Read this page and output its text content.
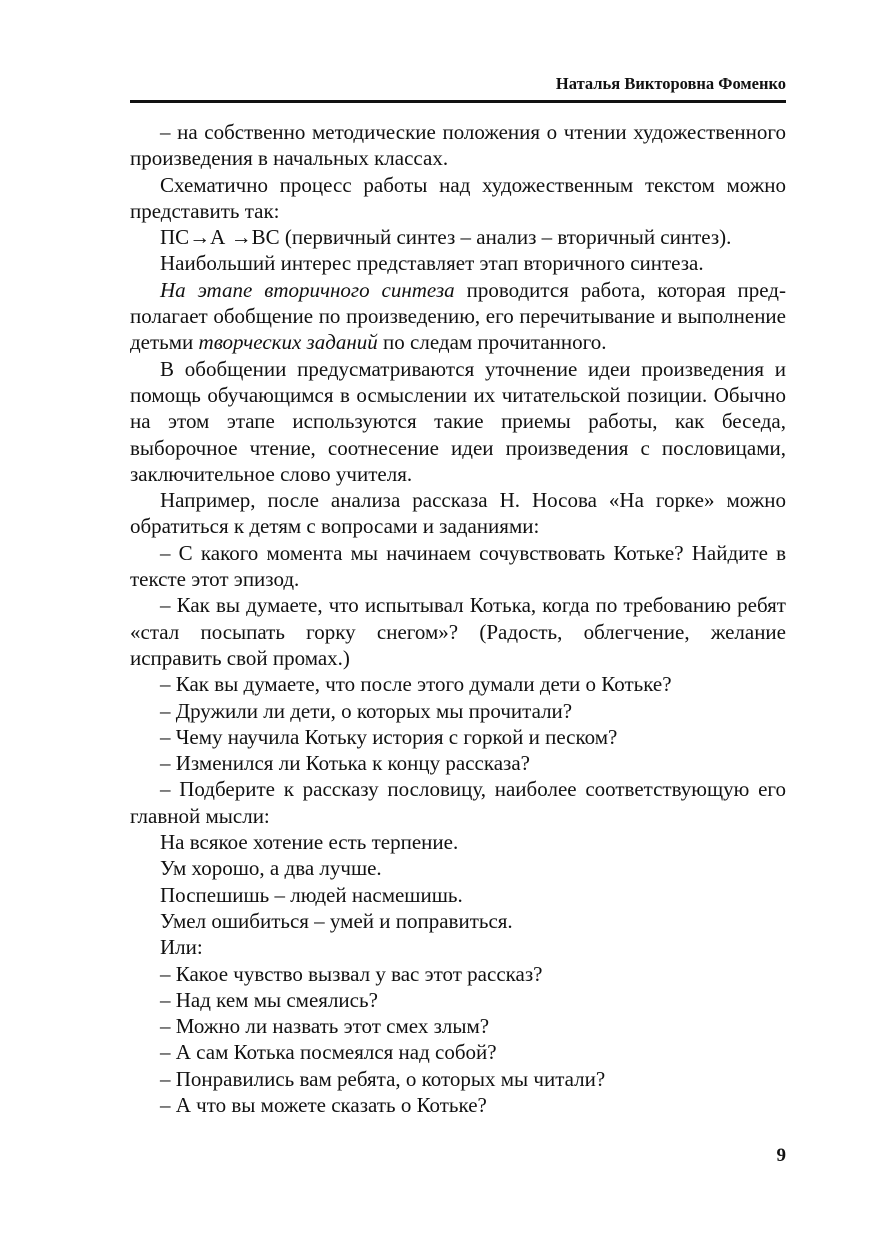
Наталья Викторовна Фоменко

– на собственно методические положения о чтении художественного произведения в начальных классах.

Схематично процесс работы над художественным текстом можно представить так:

ПС→А →ВС (первичный синтез – анализ – вторичный синтез).

Наибольший интерес представляет этап вторичного синтеза.

На этапе вторичного синтеза проводится работа, которая предполагает обобщение по произведению, его перечитывание и выполнение детьми творческих заданий по следам прочитанного.

В обобщении предусматриваются уточнение идеи произведения и помощь обучающимся в осмыслении их читательской позиции. Обычно на этом этапе используются такие приемы работы, как беседа, выборочное чтение, соотнесение идеи произведения с пословицами, заключительное слово учителя.

Например, после анализа рассказа Н. Носова «На горке» можно обратиться к детям с вопросами и заданиями:

– С какого момента мы начинаем сочувствовать Котьке? Найдите в тексте этот эпизод.

– Как вы думаете, что испытывал Котька, когда по требованию ребят «стал посыпать горку снегом»? (Радость, облегчение, желание исправить свой промах.)

– Как вы думаете, что после этого думали дети о Котьке?

– Дружили ли дети, о которых мы прочитали?

– Чему научила Котьку история с горкой и песком?

– Изменился ли Котька к концу рассказа?

– Подберите к рассказу пословицу, наиболее соответствующую его главной мысли:

На всякое хотение есть терпение.

Ум хорошо, а два лучше.

Поспешишь – людей насмешишь.

Умел ошибиться – умей и поправиться.

Или:

– Какое чувство вызвал у вас этот рассказ?

– Над кем мы смеялись?

– Можно ли назвать этот смех злым?

– А сам Котька посмеялся над собой?

– Понравились вам ребята, о которых мы читали?

– А что вы можете сказать о Котьке?

9
